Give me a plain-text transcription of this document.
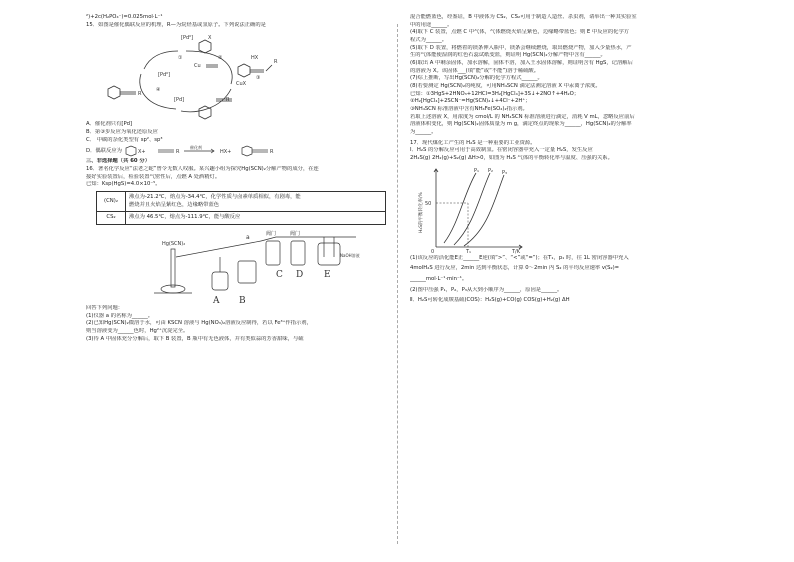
²)+2c(H₂PO₄⁻)=0.025mol·L⁻¹

15．如图是催化偶联反应的机理，R—为烷烃基或氢原子。下列说法正确的是

[Pd⁰]	X
[Pd⁰]
[Pd]
Cu
CuX
HX
R
R
R
①	②
③
④

A．催化剂只有[Pd]

B．第③步反应为氧化还原反应

C． 中碳的杂化类型有 sp²、sp³

D．偶联反应为	X+	R
催化剂
HX+	R

三、非选择题（共 60 分）

16．著名化学反应“法老之蛇”曾令无数人叹服。某兴趣小组为探究Hg(SCN)₂分解产物的成分，在连

接好实验装置后，检验装置气密性后，点燃 A 处酒精灯。

已知：Ksp(HgS)=4.0×10⁻⁵。

(CN)₂	沸点为-21.2℃，熔点为-34.4℃，化学性质与卤素单质相似，有剧毒，能
燃烧并且火焰呈紫红色，边缘略带蓝色

CS₂	沸点为 46.5℃，熔点为-111.9℃，能与酸反应
Hg(SCN)₂
a	阀门	阀门
NaOH溶液
A B
C D E

回答下列问题：

(1)仪器 a 的名称为______。

(2)已知Hg(SCN)₂微溶于水，可由 KSCN 溶液与 Hg(NO₃)₂溶液反应制得，若以 Fe³⁺作指示剂，

则当溶液变为______色时，Hg²⁺沉淀完全。

(3)待 A 中固体充分分解后，取下 B 装置，B 瓶中有无色液体，并有类似蒜的芳香甜味，与硫

混合能燃蓝色，经鉴证，B 中液体为 CS₂，CS₂可用于制造人造丝、杀虫剂，请举出一种其实验室

中的用途______。

(4)取下 C 装置，点燃 C 中气体，气体燃烧火焰呈紫色，边缘略带蓝色；则 E 中反应的化学方

程式为______。

(5)取下 D 装置，将燃着的镁条伸入瓶中，镁条会继续燃烧，取出燃烧产物，加入少量热水，产

生的气体能使湿润的红色石蕊试纸变蓝，则证明 Hg(SCN)₂分解产物中含有______。

(6)取出 A 中剩余固体，加水溶解，固体不溶，加入王水固体溶解，则证明含有 HgS，记溶解后

的溶液为 X。该固体___(填“能”或“不能”)溶于稀硫酸。

(7)综上推断，写出Hg(SCN)₂分解的化学方程式______。

(8)若要测定 Hg(SCN)₂的纯度，可用NH₄SCN 滴定法测定溶液 X 中汞离子浓度。

已知：①3HgS+2HNO₃+12HCl=3H₂[HgCl₄]+3S↓+2NO↑+4H₂O；

②H₂[HgCl₄]+2SCN⁻=Hg(SCN)₂↓+4Cl⁻+2H⁺；

③NH₄SCN 标准溶液中含有NH₄Fe(SO₄)₂指示剂。

若取上述溶液 X，用浓度为 cmol/L 的 NH₄SCN 标准溶液进行滴定，消耗 V mL，忽略反应前后

溶液体积变化，则 Hg(SCN)₂固体质量为 m g，滴定终点的现象为______，Hg(SCN)₂的分解率

为______。

17．现代煤化工产生的 H₂S 是一种重要的工业资源。

Ⅰ．H₂S 的分解反应可用于高效制氢。在密闭容器中充入一定量 H₂S，发生反应

2H₂S(g) 2H₂(g)+S₂(g) ΔH>0，如图为 H₂S 气体的平衡转化率与温度、压强的关系。

50
T₁
0	T/K
P₁ P₂ P₃
H₂S的平衡转化率/%

(1)该反应的活化能E正______E逆(填“>”、“<”或“=”)；在T₁，p₁ 时，往 1L 密闭容器中充入

4molH₂S 进行反应，2min 达到平衡状态，计算 0～2min 内 S₂ 的平均反应速率 v(S₂)=

______mol·L⁻¹·min⁻¹。

(2)图中压强 P₁，P₂，P₃从大到小顺序为______，原因是______。

Ⅱ．H₂S可转化成羰基硫(COS)：H₂S(g)+CO(g) COS(g)+H₂(g) ΔH
